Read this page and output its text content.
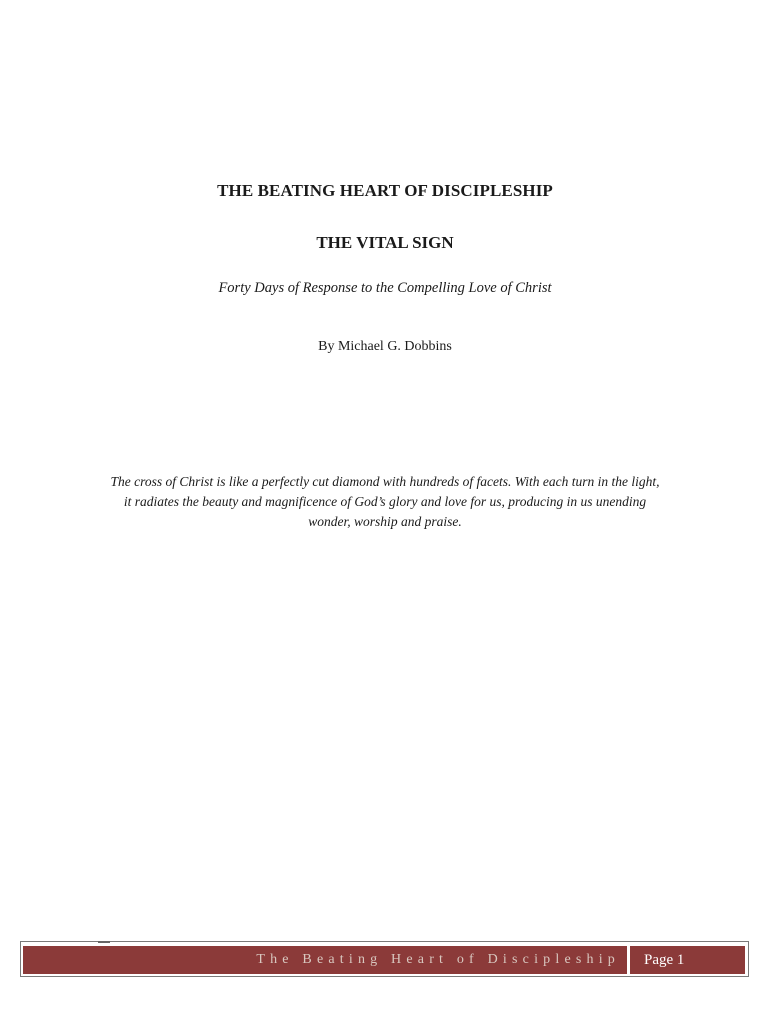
THE BEATING HEART OF DISCIPLESHIP
THE VITAL SIGN
Forty Days of Response to the Compelling Love of Christ
By Michael G. Dobbins
The cross of Christ is like a perfectly cut diamond with hundreds of facets. With each turn in the light,
it radiates the beauty and magnificence of God’s glory and love for us, producing in us unending
wonder, worship and praise.
The Beating Heart of Discipleship Page 1
